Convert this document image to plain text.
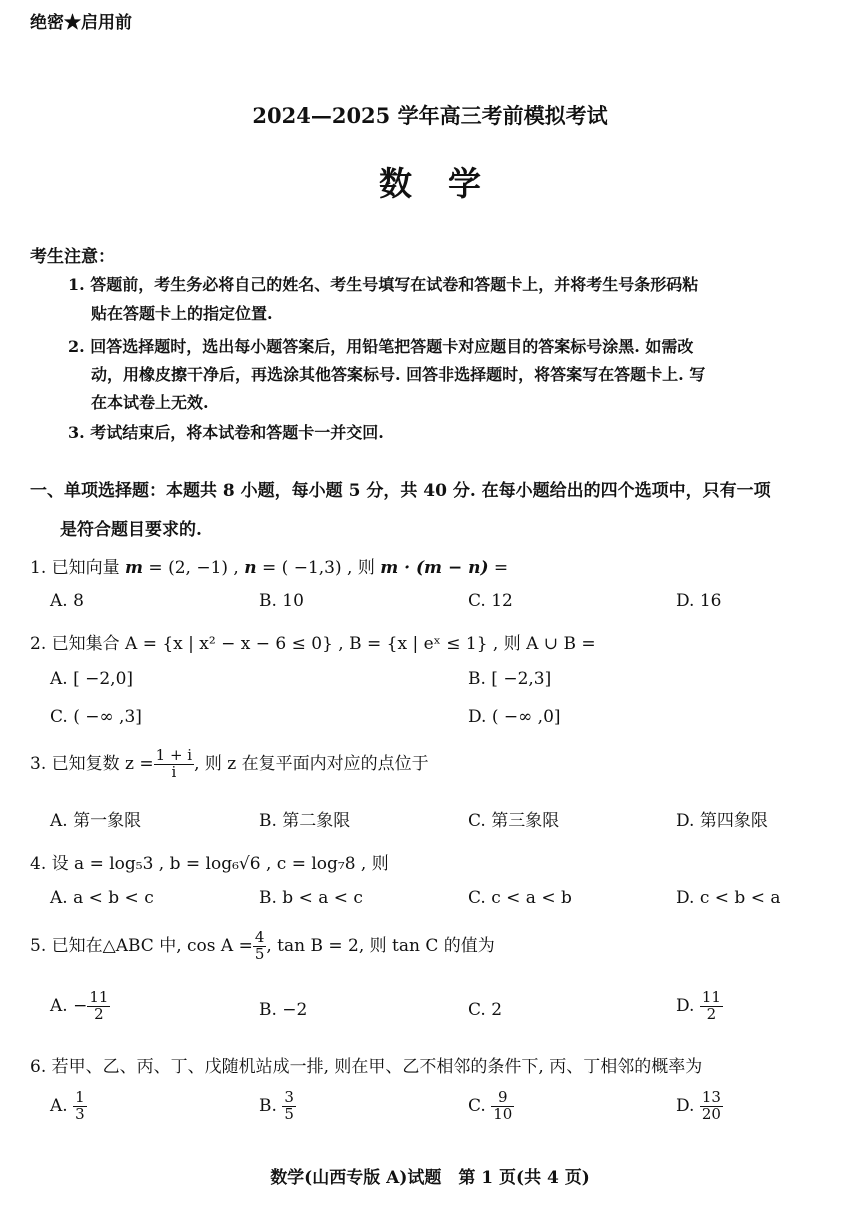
绝密★启用前
2024—2025 学年高三考前模拟考试
数学
考生注意：
1. 答题前，考生务必将自己的姓名、考生号填写在试卷和答题卡上，并将考生号条形码粘
贴在答题卡上的指定位置.
2. 回答选择题时，选出每小题答案后，用铅笔把答题卡对应题目的答案标号涂黑. 如需改
动，用橡皮擦干净后，再选涂其他答案标号. 回答非选择题时，将答案写在答题卡上. 写
在本试卷上无效.
3. 考试结束后，将本试卷和答题卡一并交回.
一、单项选择题：本题共 8 小题，每小题 5 分，共 40 分. 在每小题给出的四个选项中，只有一项
是符合题目要求的.
1. 已知向量 m = (2, −1) , n = ( −1,3) , 则 m · (m − n) =
A. 8	B. 10	C. 12	D. 16
2. 已知集合 A = {x | x² − x − 6 ≤ 0} , B = {x | eˣ ≤ 1} , 则 A ∪ B =
A. [ −2,0]	B. [ −2,3]
C. ( −∞ ,3]	D. ( −∞ ,0]
3. 已知复数 $z = \frac{1 + i}{i}$ , 则 z 在复平面内对应的点位于
A. 第一象限	B. 第二象限	C. 第三象限	D. 第四象限
4. 设 a = log₅3 , b = log₆√6 , c = log₇8 , 则
A. a < b < c	B. b < a < c	C. c < a < b	D. c < b < a
5. 已知在△ABC 中, $\cos A = \frac{4}{5}$ , tan B = 2, 则 tan C 的值为
A. − $\frac{11}{2}$	B. −2	C. 2	D. $\frac{11}{2}$
6. 若甲、乙、丙、丁、戊随机站成一排, 则在甲、乙不相邻的条件下, 丙、丁相邻的概率为
A. $\frac{1}{3}$	B. $\frac{3}{5}$	C. $\frac{9}{10}$	D. $\frac{13}{20}$
数学(山西专版 A)试题　第 1 页(共 4 页)
